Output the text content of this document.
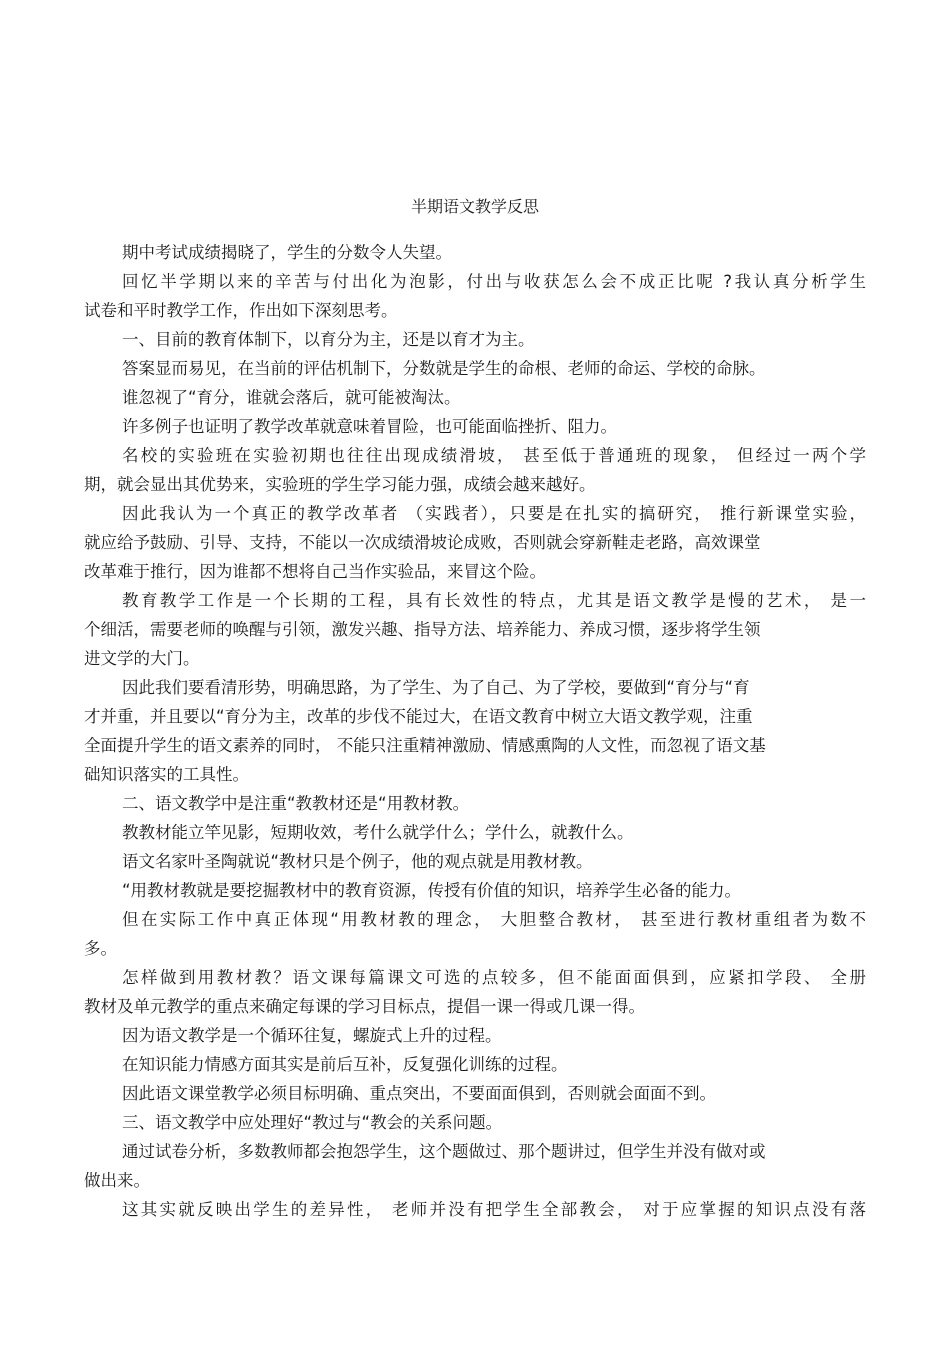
半期语文教学反思
期中考试成绩揭晓了，学生的分数令人失望。
回忆半学期以来的辛苦与付出化为泡影，付出与收获怎么会不成正比呢 ?我认真分析学生
试卷和平时教学工作，作出如下深刻思考。
一、目前的教育体制下，以育分为主，还是以育才为主。
答案显而易见，在当前的评估机制下，分数就是学生的命根、老师的命运、学校的命脉。
谁忽视了“育分，谁就会落后，就可能被淘汰。
许多例子也证明了教学改革就意味着冒险，也可能面临挫折、阻力。
名校的实验班在实验初期也往往出现成绩滑坡， 甚至低于普通班的现象， 但经过一两个学
期，就会显出其优势来，实验班的学生学习能力强，成绩会越来越好。
因此我认为一个真正的教学改革者 （实践者），只要是在扎实的搞研究， 推行新课堂实验，
就应给予鼓励、引导、支持，不能以一次成绩滑坡论成败，否则就会穿新鞋走老路，高效课堂
改革难于推行，因为谁都不想将自己当作实验品，来冒这个险。
教育教学工作是一个长期的工程，具有长效性的特点，尤其是语文教学是慢的艺术， 是一
个细活，需要老师的唤醒与引领，激发兴趣、指导方法、培养能力、养成习惯，逐步将学生领
进文学的大门。
因此我们要看清形势，明确思路，为了学生、为了自己、为了学校，要做到“育分与“育
才并重，并且要以“育分为主，改革的步伐不能过大，在语文教育中树立大语文教学观，注重
全面提升学生的语文素养的同时， 不能只注重精神激励、情感熏陶的人文性，而忽视了语文基
础知识落实的工具性。
二、语文教学中是注重“教教材还是“用教材教。
教教材能立竿见影，短期收效，考什么就学什么；学什么，就教什么。
语文名家叶圣陶就说“教材只是个例子，他的观点就是用教材教。
“用教材教就是要挖掘教材中的教育资源，传授有价值的知识，培养学生必备的能力。
但在实际工作中真正体现“用教材教的理念， 大胆整合教材， 甚至进行教材重组者为数不
多。
怎样做到用教材教？语文课每篇课文可选的点较多，但不能面面俱到，应紧扣学段、 全册
教材及单元教学的重点来确定每课的学习目标点，提倡一课一得或几课一得。
因为语文教学是一个循环往复，螺旋式上升的过程。
在知识能力情感方面其实是前后互补，反复强化训练的过程。
因此语文课堂教学必须目标明确、重点突出，不要面面俱到，否则就会面面不到。
三、语文教学中应处理好“教过与“教会的关系问题。
通过试卷分析，多数教师都会抱怨学生，这个题做过、那个题讲过，但学生并没有做对或
做出来。
这其实就反映出学生的差异性， 老师并没有把学生全部教会， 对于应掌握的知识点没有落
